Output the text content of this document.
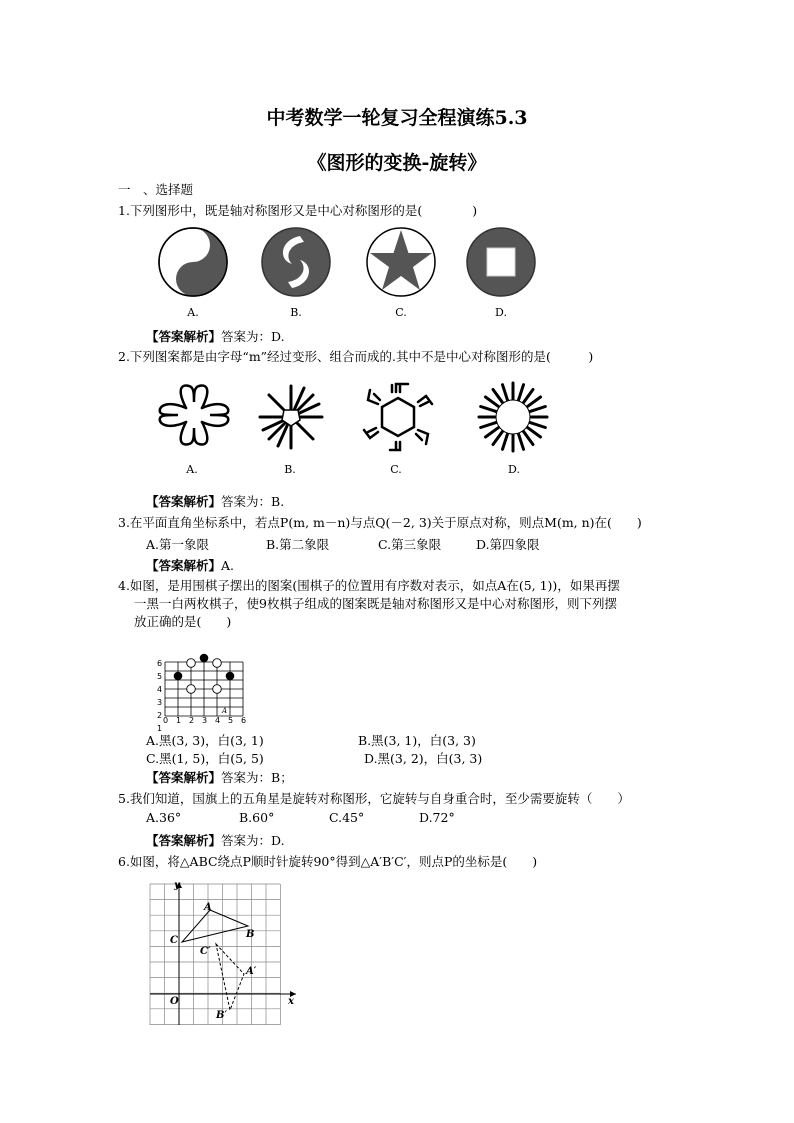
中考数学一轮复习全程演练5.3
《图形的变换-旋转》
一　、选择题
1.下列图形中，既是轴对称图形又是中心对称图形的是(　　　　)
A.	B.	C.	D.
【答案解析】答案为：D.
2.下列图案都是由字母“m”经过变形、组合而成的.其中不是中心对称图形的是(　　　)
A.	B.	C.	D.
【答案解析】答案为：B.
3.在平面直角坐标系中，若点P(m, m－n)与点Q(－2, 3)关于原点对称，则点M(m, n)在(　　)
A.第一象限	B.第二象限	C.第三象限	D.第四象限
【答案解析】A.
4.如图，是用围棋子摆出的图案(围棋子的位置用有序数对表示，如点A在(5, 1))，如果再摆
一黑一白两枚棋子，使9枚棋子组成的图案既是轴对称图形又是中心对称图形，则下列摆
放正确的是(　　)
A
6
5
4
3
2
1
0 1 2 3 4 5 6
A.黑(3, 3)，白(3, 1)	B.黑(3, 1)，白(3, 3)
C.黑(1, 5)，白(5, 5)	D.黑(3, 2)，白(3, 3)
【答案解析】答案为：B；
5.我们知道，国旗上的五角星是旋转对称图形，它旋转与自身重合时，至少需要旋转（　　）
A.36°	B.60°	C.45°	D.72°
【答案解析】答案为：D.
6.如图，将△ABC绕点P顺时针旋转90°得到△A′B′C′，则点P的坐标是(　　)
y
x
O
A
B
C
A′
B′
C′
